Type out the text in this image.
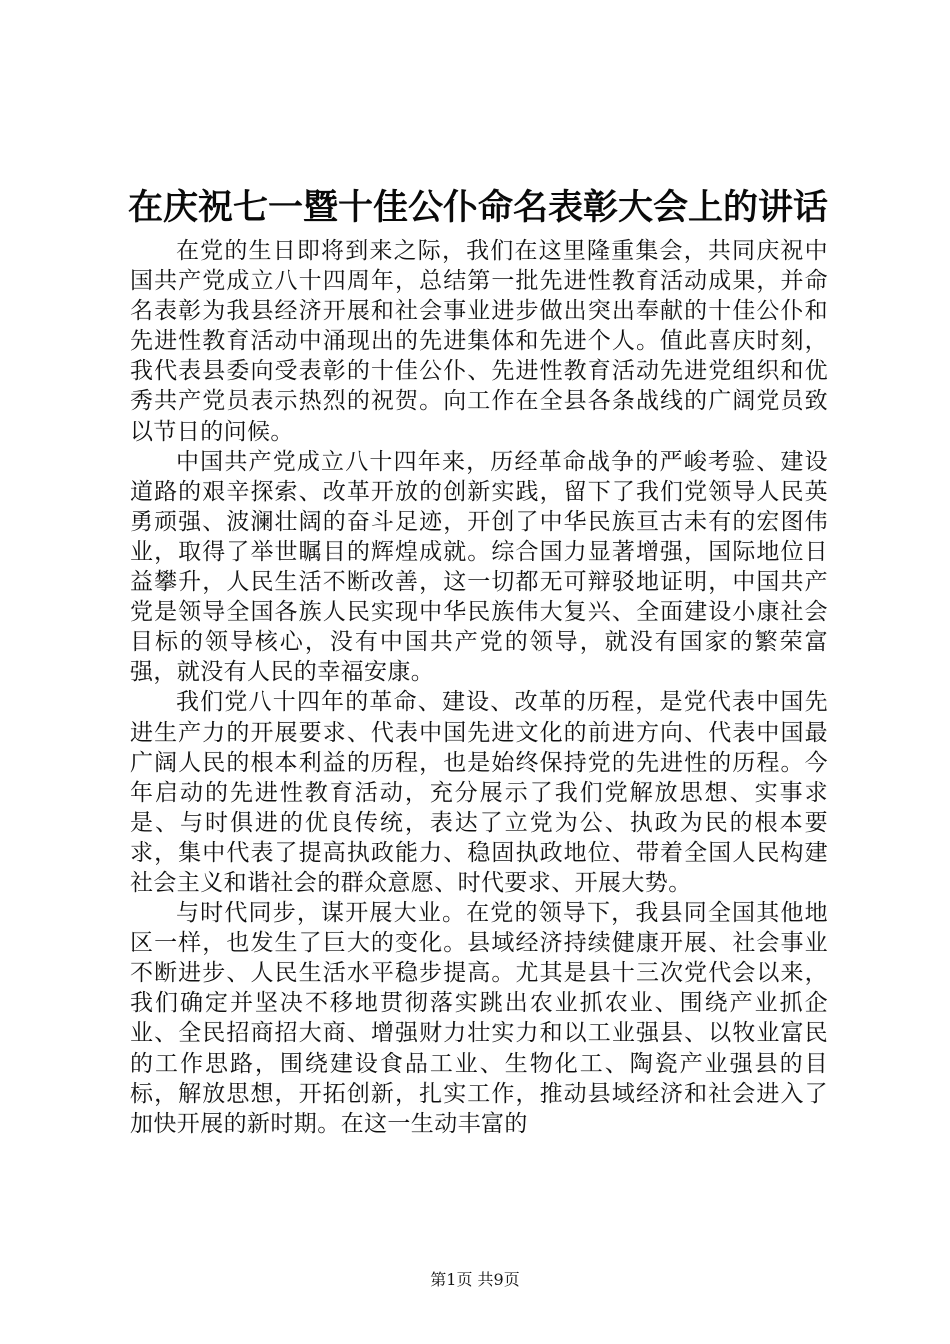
在庆祝七一暨十佳公仆命名表彰大会上的讲话

在党的生日即将到来之际，我们在这里隆重集会，共同庆祝中国共产党成立八十四周年，总结第一批先进性教育活动成果，并命名表彰为我县经济开展和社会事业进步做出突出奉献的十佳公仆和先进性教育活动中涌现出的先进集体和先进个人。值此喜庆时刻，我代表县委向受表彰的十佳公仆、先进性教育活动先进党组织和优秀共产党员表示热烈的祝贺。向工作在全县各条战线的广阔党员致以节日的问候。

中国共产党成立八十四年来，历经革命战争的严峻考验、建设道路的艰辛探索、改革开放的创新实践，留下了我们党领导人民英勇顽强、波澜壮阔的奋斗足迹，开创了中华民族亘古未有的宏图伟业，取得了举世瞩目的辉煌成就。综合国力显著增强，国际地位日益攀升，人民生活不断改善，这一切都无可辩驳地证明，中国共产党是领导全国各族人民实现中华民族伟大复兴、全面建设小康社会目标的领导核心，没有中国共产党的领导，就没有国家的繁荣富强，就没有人民的幸福安康。

我们党八十四年的革命、建设、改革的历程，是党代表中国先进生产力的开展要求、代表中国先进文化的前进方向、代表中国最广阔人民的根本利益的历程，也是始终保持党的先进性的历程。今年启动的先进性教育活动，充分展示了我们党解放思想、实事求是、与时俱进的优良传统，表达了立党为公、执政为民的根本要求，集中代表了提高执政能力、稳固执政地位、带着全国人民构建社会主义和谐社会的群众意愿、时代要求、开展大势。

与时代同步，谋开展大业。在党的领导下，我县同全国其他地区一样，也发生了巨大的变化。县域经济持续健康开展、社会事业不断进步、人民生活水平稳步提高。尤其是县十三次党代会以来，我们确定并坚决不移地贯彻落实跳出农业抓农业、围绕产业抓企业、全民招商招大商、增强财力壮实力和以工业强县、以牧业富民的工作思路，围绕建设食品工业、生物化工、陶瓷产业强县的目标，解放思想，开拓创新，扎实工作，推动县域经济和社会进入了加快开展的新时期。在这一生动丰富的

第1页 共9页
